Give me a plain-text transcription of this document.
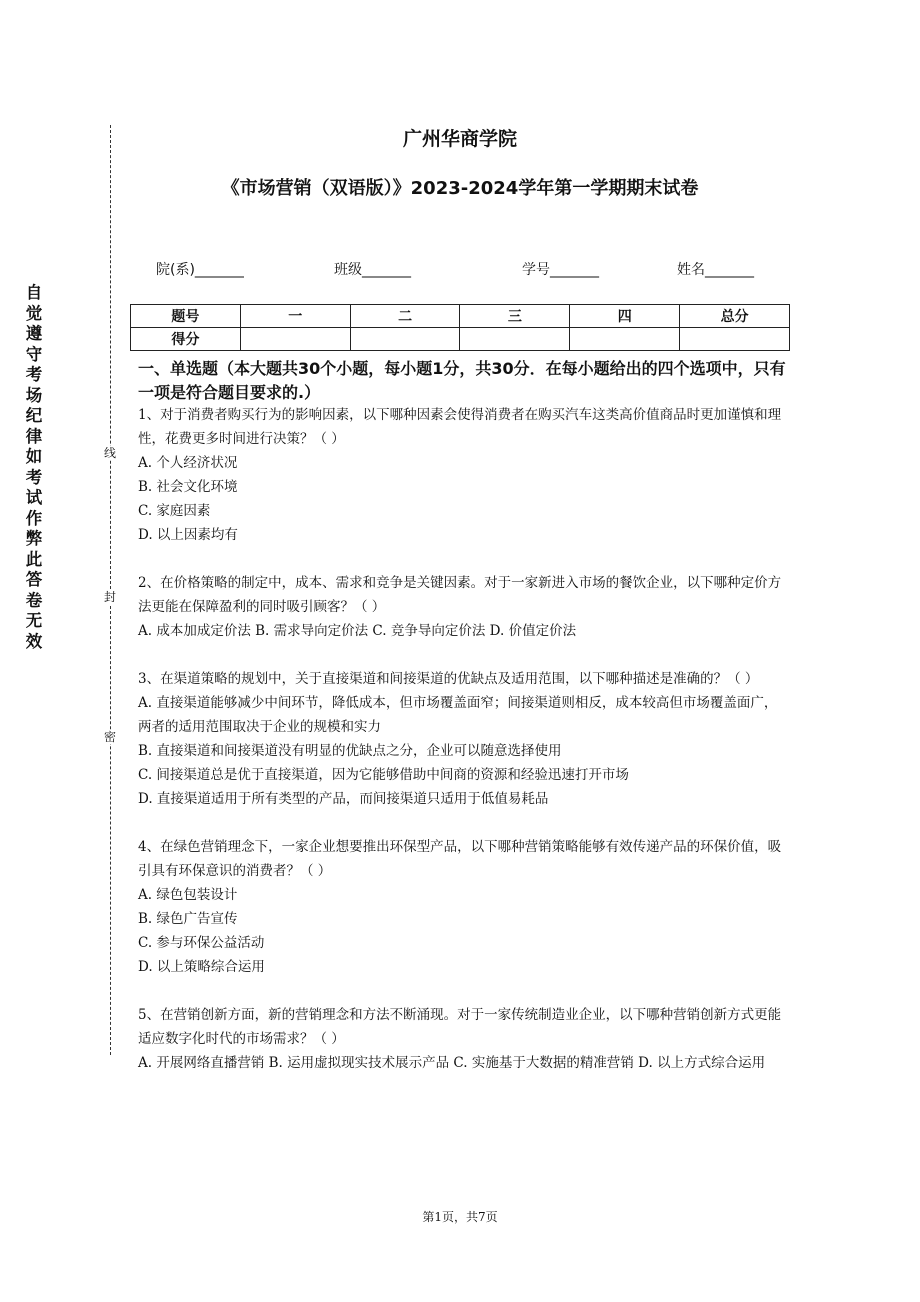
自觉遵守考场纪律如考试作弊此答卷无效
线
封
密
广州华商学院
《市场营销（双语版）》2023-2024学年第一学期期末试卷
院(系)_______	班级_______	学号_______	姓名_______
题号	一	二	三	四	总分
得分					
一、单选题（本大题共30个小题，每小题1分，共30分．在每小题给出的四个选项中，只有一项是符合题目要求的.）
1、对于消费者购买行为的影响因素，以下哪种因素会使得消费者在购买汽车这类高价值商品时更加谨慎和理性，花费更多时间进行决策？（ ）
A. 个人经济状况
B. 社会文化环境
C. 家庭因素
D. 以上因素均有
2、在价格策略的制定中，成本、需求和竞争是关键因素。对于一家新进入市场的餐饮企业，以下哪种定价方法更能在保障盈利的同时吸引顾客？（ ）
A. 成本加成定价法 B. 需求导向定价法 C. 竞争导向定价法 D. 价值定价法
3、在渠道策略的规划中，关于直接渠道和间接渠道的优缺点及适用范围，以下哪种描述是准确的？（ ）
A. 直接渠道能够减少中间环节，降低成本，但市场覆盖面窄；间接渠道则相反，成本较高但市场覆盖面广，两者的适用范围取决于企业的规模和实力
B. 直接渠道和间接渠道没有明显的优缺点之分，企业可以随意选择使用
C. 间接渠道总是优于直接渠道，因为它能够借助中间商的资源和经验迅速打开市场
D. 直接渠道适用于所有类型的产品，而间接渠道只适用于低值易耗品
4、在绿色营销理念下，一家企业想要推出环保型产品，以下哪种营销策略能够有效传递产品的环保价值，吸引具有环保意识的消费者？（ ）
A. 绿色包装设计
B. 绿色广告宣传
C. 参与环保公益活动
D. 以上策略综合运用
5、在营销创新方面，新的营销理念和方法不断涌现。对于一家传统制造业企业，以下哪种营销创新方式更能适应数字化时代的市场需求？（ ）
A. 开展网络直播营销 B. 运用虚拟现实技术展示产品 C. 实施基于大数据的精准营销 D. 以上方式综合运用
第1页，共7页
